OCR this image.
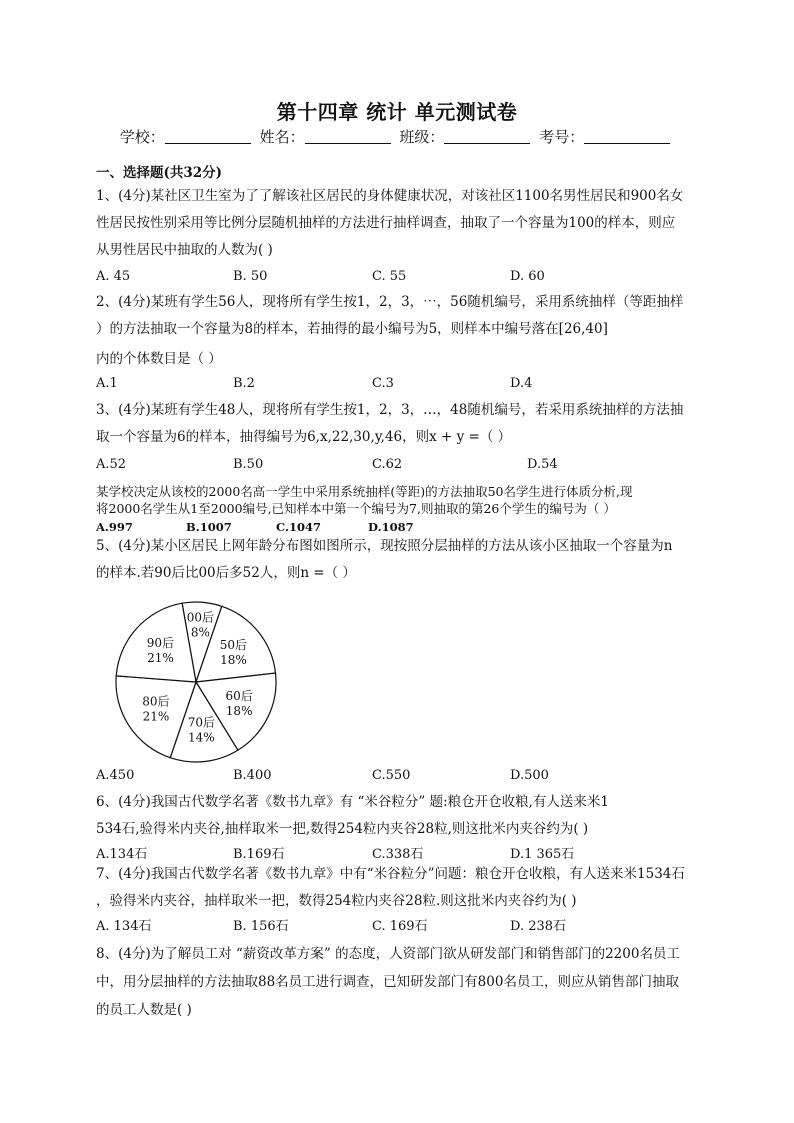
第十四章 统计 单元测试卷
学校：	姓名：	班级：	考号：
一、选择题(共32分)
1、(4分)某社区卫生室为了了解该社区居民的身体健康状况，对该社区1100名男性居民和900名女
性居民按性别采用等比例分层随机抽样的方法进行抽样调查，抽取了一个容量为100的样本，则应
从男性居民中抽取的人数为( )
A. 45	B. 50	C. 55	D. 60
2、(4分)某班有学生56人，现将所有学生按1，2，3，⋯，56随机编号，采用系统抽样（等距抽样
）的方法抽取一个容量为8的样本，若抽得的最小编号为5，则样本中编号落在[26,40]
内的个体数目是（ ）
A.1	B.2	C.3	D.4
3、(4分)某班有学生48人，现将所有学生按1，2，3，…，48随机编号，若采用系统抽样的方法抽
取一个容量为6的样本，抽得编号为6,x,22,30,y,46，则x + y =（ ）
A.52	B.50	C.62	D.54
某学校决定从该校的2000名高一学生中采用系统抽样(等距)的方法抽取50名学生进行体质分析,现
将2000名学生从1至2000编号,已知样本中第一个编号为7,则抽取的第26个学生的编号为（ ）
A.997	B.1007	C.1047	D.1087
5、(4分)某小区居民上网年龄分布图如图所示，现按照分层抽样的方法从该小区抽取一个容量为n
的样本.若90后比00后多52人，则n =（ ）
00后
8%
50后
18%
60后
18%
70后
14%
80后
21%
90后
21%
A.450	B.400	C.550	D.500
6、(4分)我国古代数学名著《数书九章》有 “米谷粒分” 题:粮仓开仓收粮,有人送来米1
534石,验得米内夹谷,抽样取米一把,数得254粒内夹谷28粒,则这批米内夹谷约为( )
A.134石	B.169石	C.338石	D.1 365石
7、(4分)我国古代数学名著《数书九章》中有“米谷粒分”问题：粮仓开仓收粮，有人送来米1534石
，验得米内夹谷，抽样取米一把，数得254粒内夹谷28粒.则这批米内夹谷约为( )
A. 134石	B. 156石	C. 169石	D. 238石
8、(4分)为了解员工对 “薪资改革方案” 的态度，人资部门欲从研发部门和销售部门的2200名员工
中，用分层抽样的方法抽取88名员工进行调查，已知研发部门有800名员工，则应从销售部门抽取
的员工人数是( )
